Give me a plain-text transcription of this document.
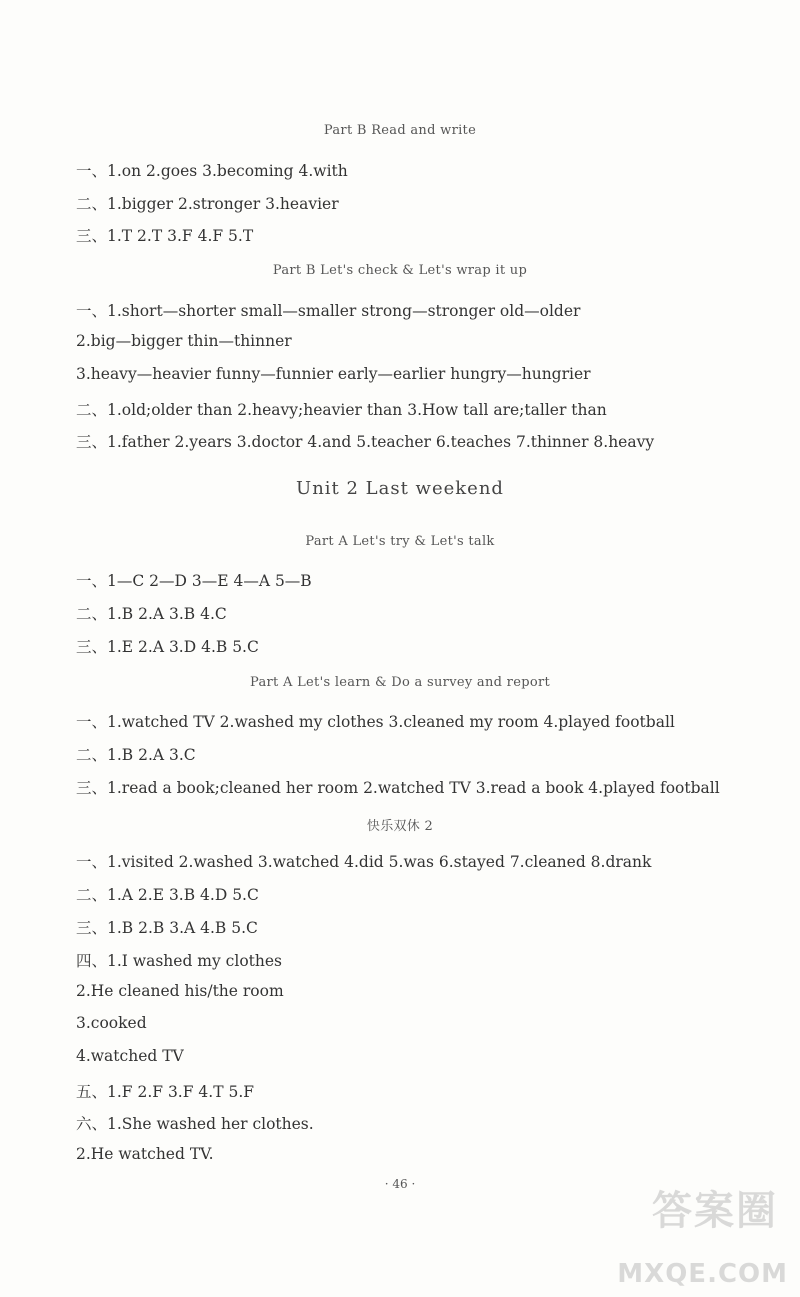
Part B Read and write
一、1.on 2.goes 3.becoming 4.with
二、1.bigger 2.stronger 3.heavier
三、1.T 2.T 3.F 4.F 5.T
Part B Let's check & Let's wrap it up
一、1.short—shorter small—smaller strong—stronger old—older
2.big—bigger thin—thinner
3.heavy—heavier funny—funnier early—earlier hungry—hungrier
二、1.old;older than 2.heavy;heavier than 3.How tall are;taller than
三、1.father 2.years 3.doctor 4.and 5.teacher 6.teaches 7.thinner 8.heavy
Unit 2 Last weekend
Part A Let's try & Let's talk
一、1—C 2—D 3—E 4—A 5—B
二、1.B 2.A 3.B 4.C
三、1.E 2.A 3.D 4.B 5.C
Part A Let's learn & Do a survey and report
一、1.watched TV 2.washed my clothes 3.cleaned my room 4.played football
二、1.B 2.A 3.C
三、1.read a book;cleaned her room 2.watched TV 3.read a book 4.played football
快乐双休 2
一、1.visited 2.washed 3.watched 4.did 5.was 6.stayed 7.cleaned 8.drank
二、1.A 2.E 3.B 4.D 5.C
三、1.B 2.B 3.A 4.B 5.C
四、1.I washed my clothes
2.He cleaned his/the room
3.cooked
4.watched TV
五、1.F 2.F 3.F 4.T 5.F
六、1.She washed her clothes.
2.He watched TV.
· 46 ·
答案圈
MXQE.COM
